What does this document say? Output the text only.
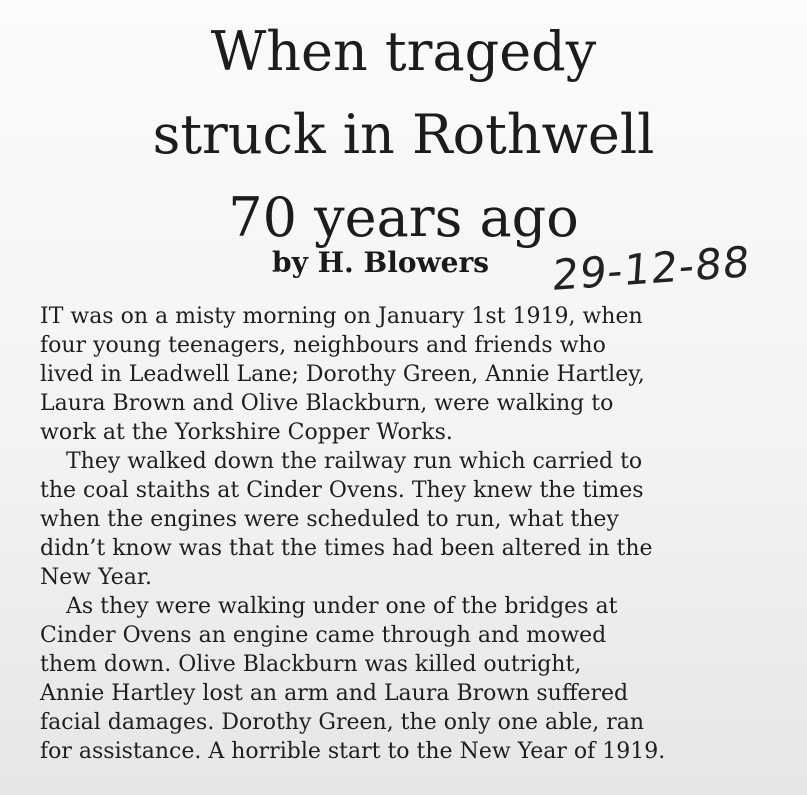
When tragedy
struck in Rothwell
70 years ago
by H. Blowers 29-12-88
IT was on a misty morning on January 1st 1919, when
four young teenagers, neighbours and friends who
lived in Leadwell Lane; Dorothy Green, Annie Hartley,
Laura Brown and Olive Blackburn, were walking to
work at the Yorkshire Copper Works.
They walked down the railway run which carried to
the coal staiths at Cinder Ovens. They knew the times
when the engines were scheduled to run, what they
didn’t know was that the times had been altered in the
New Year.
As they were walking under one of the bridges at
Cinder Ovens an engine came through and mowed
them down. Olive Blackburn was killed outright,
Annie Hartley lost an arm and Laura Brown suffered
facial damages. Dorothy Green, the only one able, ran
for assistance. A horrible start to the New Year of 1919.
